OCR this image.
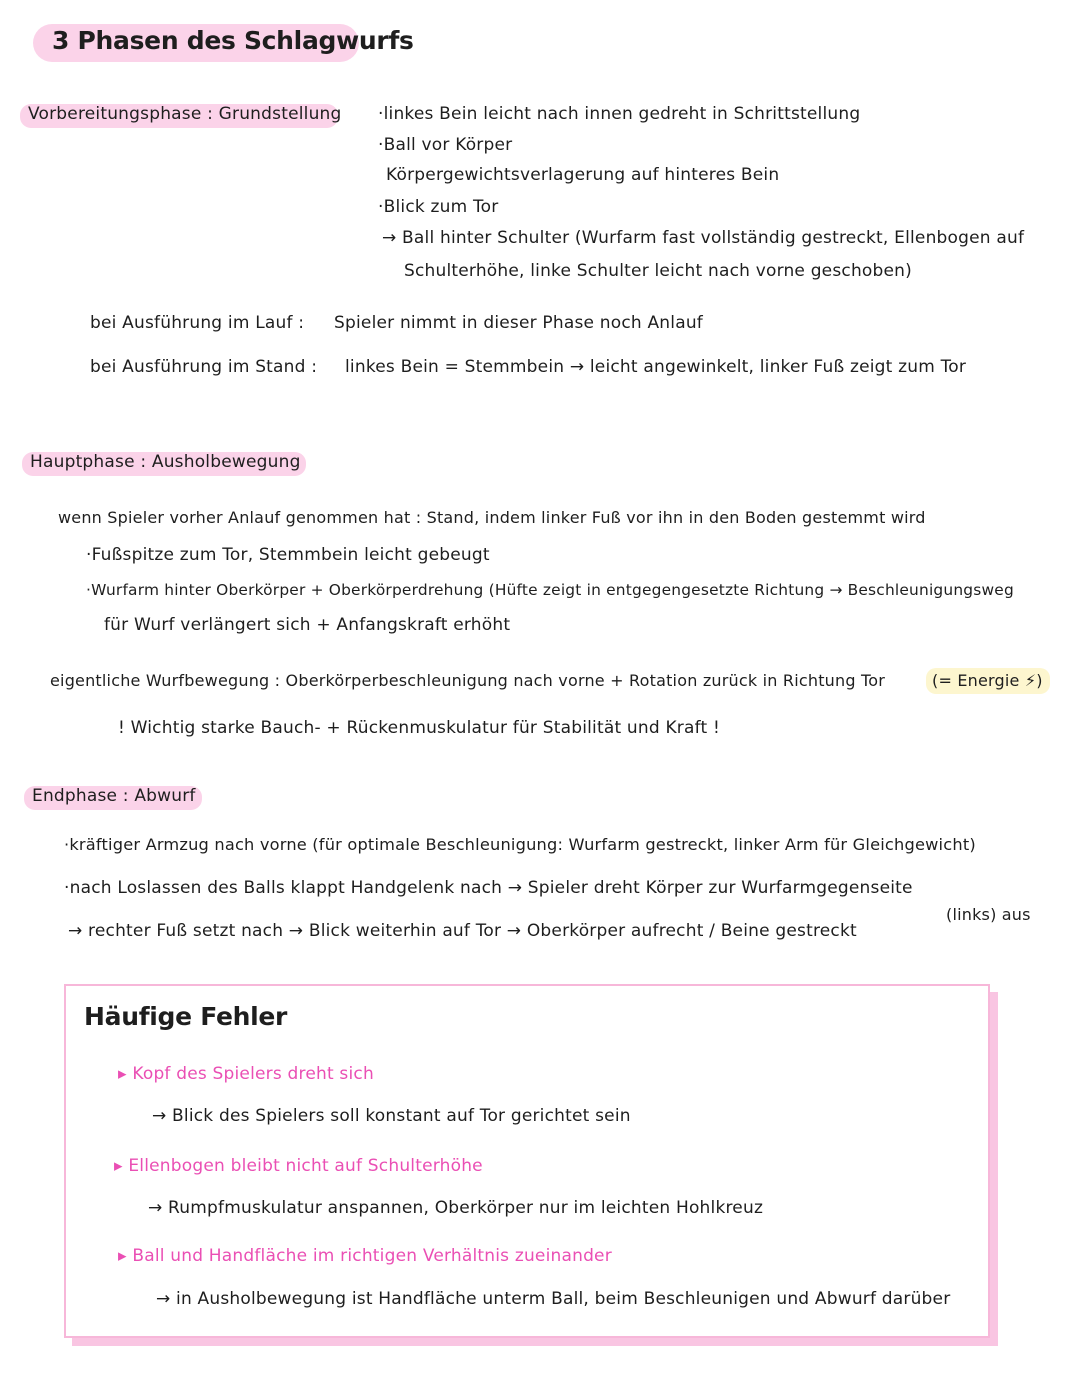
3 Phasen des Schlagwurfs
Vorbereitungsphase : Grundstellung ·linkes Bein leicht nach innen gedreht in Schrittstellung
·Ball vor Körper
Körpergewichtsverlagerung auf hinteres Bein
·Blick zum Tor
→ Ball hinter Schulter (Wurfarm fast vollständig gestreckt, Ellenbogen auf
Schulterhöhe, linke Schulter leicht nach vorne geschoben)
bei Ausführung im Lauf : Spieler nimmt in dieser Phase noch Anlauf
bei Ausführung im Stand : linkes Bein = Stemmbein → leicht angewinkelt, linker Fuß zeigt zum Tor
Hauptphase : Ausholbewegung
wenn Spieler vorher Anlauf genommen hat : Stand, indem linker Fuß vor ihn in den Boden gestemmt wird
·Fußspitze zum Tor, Stemmbein leicht gebeugt
·Wurfarm hinter Oberkörper + Oberkörperdrehung (Hüfte zeigt in entgegengesetzte Richtung → Beschleunigungsweg
für Wurf verlängert sich + Anfangskraft erhöht
eigentliche Wurfbewegung : Oberkörperbeschleunigung nach vorne + Rotation zurück in Richtung Tor	(= Energie ⚡)
! Wichtig starke Bauch- + Rückenmuskulatur für Stabilität und Kraft !
Endphase : Abwurf
·kräftiger Armzug nach vorne (für optimale Beschleunigung: Wurfarm gestreckt, linker Arm für Gleichgewicht)
·nach Loslassen des Balls klappt Handgelenk nach → Spieler dreht Körper zur Wurfarmgegenseite
(links) aus
→ rechter Fuß setzt nach → Blick weiterhin auf Tor → Oberkörper aufrecht / Beine gestreckt
Häufige Fehler
▸ Kopf des Spielers dreht sich
→ Blick des Spielers soll konstant auf Tor gerichtet sein
▸ Ellenbogen bleibt nicht auf Schulterhöhe
→ Rumpfmuskulatur anspannen, Oberkörper nur im leichten Hohlkreuz
▸ Ball und Handfläche im richtigen Verhältnis zueinander
→ in Ausholbewegung ist Handfläche unterm Ball, beim Beschleunigen und Abwurf darüber
